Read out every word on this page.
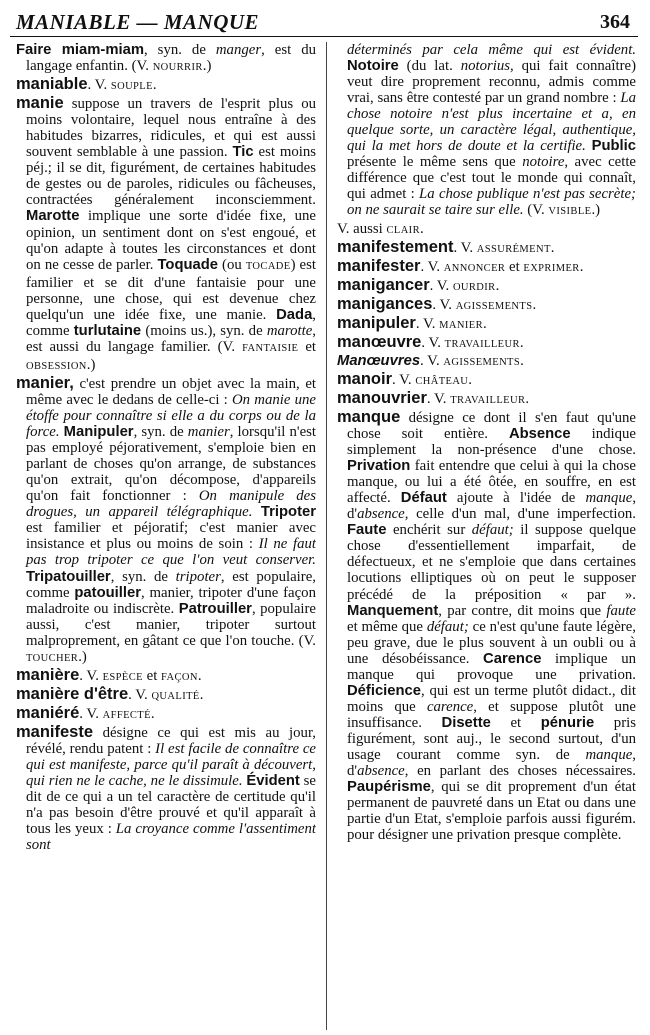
MANIABLE — MANQUE	364

Faire miam-miam, syn. de manger, est du langage enfantin. (V. NOURRIR.)

maniable. V. SOUPLE.

manie suppose un travers de l'esprit plus ou moins volontaire, lequel nous entraîne à des habitudes bizarres, ridicules, et qui est aussi souvent semblable à une passion. Tic est moins péj.; il se dit, figurément, de certaines habitudes de gestes ou de paroles, ridicules ou fâcheuses, contractées généralement inconsciemment. Marotte implique une sorte d'idée fixe, une opinion, un sentiment dont on s'est engoué, et qu'on adapte à toutes les circonstances et dont on ne cesse de parler. Toquade (ou TOCADE) est familier et se dit d'une fantaisie pour une personne, une chose, qui est devenue chez quelqu'un une idée fixe, une manie. Dada, comme turlutaine (moins us.), syn. de marotte, est aussi du langage familier. (V. FANTAISIE et OBSESSION.)

manier, c'est prendre un objet avec la main, et même avec le dedans de celle-ci : On manie une étoffe pour connaître si elle a du corps ou de la force. Manipuler, syn. de manier, lorsqu'il n'est pas employé péjorativement, s'emploie bien en parlant de choses qu'on arrange, de substances qu'on extrait, qu'on décompose, d'appareils qu'on fait fonctionner : On manipule des drogues, un appareil télégraphique. Tripoter est familier et péjoratif; c'est manier avec insistance et plus ou moins de soin : Il ne faut pas trop tripoter ce que l'on veut conserver. Tripatouiller, syn. de tripoter, est populaire, comme patouiller, manier, tripoter d'une façon maladroite ou indiscrète. Patrouiller, populaire aussi, c'est manier, tripoter surtout malproprement, en gâtant ce que l'on touche. (V. TOUCHER.)

manière. V. ESPÈCE et FAÇON.

manière d'être. V. QUALITÉ.

maniéré. V. AFFECTÉ.

manifeste désigne ce qui est mis au jour, révélé, rendu patent : Il est facile de connaître ce qui est manifeste, parce qu'il paraît à découvert, qui rien ne le cache, ne le dissimule. Évident se dit de ce qui a un tel caractère de certitude qu'il n'a pas besoin d'être prouvé et qu'il apparaît à tous les yeux : La croyance comme l'assentiment sont

déterminés par cela même qui est évident. Notoire (du lat. notorius, qui fait connaître) veut dire proprement reconnu, admis comme vrai, sans être contesté par un grand nombre : La chose notoire n'est plus incertaine et a, en quelque sorte, un caractère légal, authentique, qui la met hors de doute et la certifie. Public présente le même sens que notoire, avec cette différence que c'est tout le monde qui connaît, qui admet : La chose publique n'est pas secrète; on ne saurait se taire sur elle. (V. VISIBLE.)

V. aussi CLAIR.

manifestement. V. ASSURÉMENT.

manifester. V. ANNONCER et EXPRIMER.

manigancer. V. OURDIR.

manigances. V. AGISSEMENTS.

manipuler. V. MANIER.

manœuvre. V. TRAVAILLEUR.

Manœuvres. V. AGISSEMENTS.

manoir. V. CHÂTEAU.

manouvrier. V. TRAVAILLEUR.

manque désigne ce dont il s'en faut qu'une chose soit entière. Absence indique simplement la non-présence d'une chose. Privation fait entendre que celui à qui la chose manque, ou lui a été ôtée, en souffre, en est affecté. Défaut ajoute à l'idée de manque, d'absence, celle d'un mal, d'une imperfection. Faute enchérit sur défaut; il suppose quelque chose d'essentiellement imparfait, de défectueux, et ne s'emploie que dans certaines locutions elliptiques où on peut le supposer précédé de la préposition « par ». Manquement, par contre, dit moins que faute et même que défaut; ce n'est qu'une faute légère, peu grave, due le plus souvent à un oubli ou à une désobéissance. Carence implique un manque qui provoque une privation. Déficience, qui est un terme plutôt didact., dit moins que carence, et suppose plutôt une insuffisance. Disette et pénurie pris figurément, sont auj., le second surtout, d'un usage courant comme syn. de manque, d'absence, en parlant des choses nécessaires. Paupérisme, qui se dit proprement d'un état permanent de pauvreté dans un Etat ou dans une partie d'un Etat, s'emploie parfois aussi figurém. pour désigner une privation presque complète.
